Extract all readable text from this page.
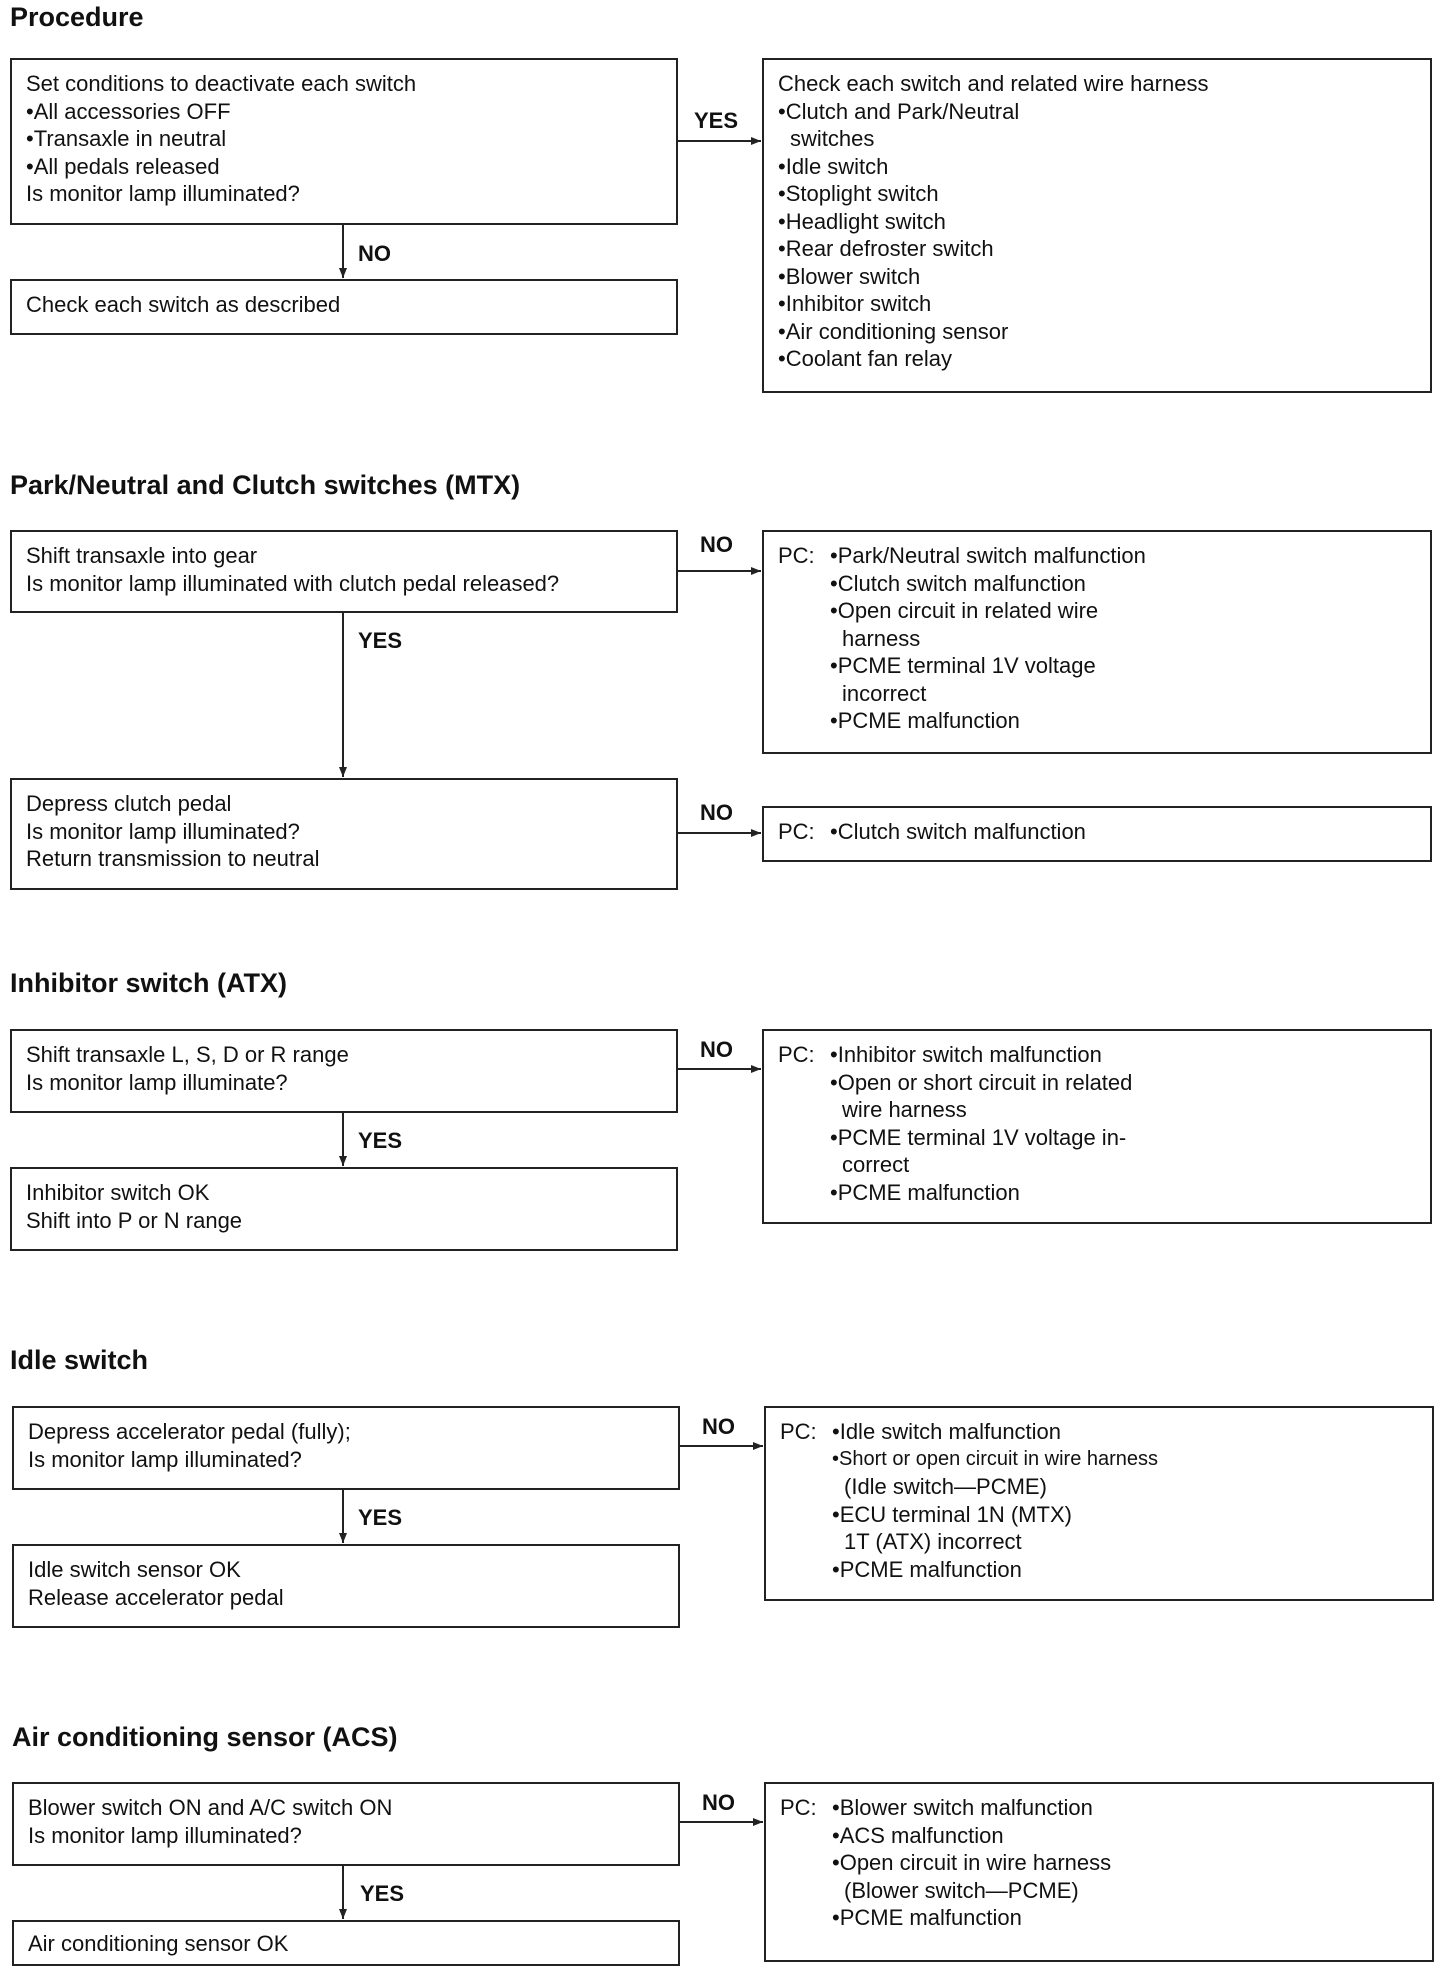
Procedure
Set conditions to deactivate each switch
• All accessories OFF
• Transaxle in neutral
• All pedals released
Is monitor lamp illuminated?
YES
NO
Check each switch as described
Check each switch and related wire harness
• Clutch and Park/Neutral
switches
• Idle switch
• Stoplight switch
• Headlight switch
• Rear defroster switch
• Blower switch
• Inhibitor switch
• Air conditioning sensor
• Coolant fan relay
Park/Neutral and Clutch switches (MTX)
Shift transaxle into gear
Is monitor lamp illuminated with clutch pedal released?
NO
YES
PC:	• Park/Neutral switch malfunction
• Clutch switch malfunction
• Open circuit in related wire
harness
• PCME terminal 1V voltage
incorrect
• PCME malfunction
Depress clutch pedal
Is monitor lamp illuminated?
Return transmission to neutral
NO
PC:	• Clutch switch malfunction
Inhibitor switch (ATX)
Shift transaxle L, S, D or R range
Is monitor lamp illuminate?
NO
YES
PC:	• Inhibitor switch malfunction
• Open or short circuit in related
wire harness
• PCME terminal 1V voltage in-
correct
• PCME malfunction
Inhibitor switch OK
Shift into P or N range
Idle switch
Depress accelerator pedal (fully);
Is monitor lamp illuminated?
NO
YES
PC:	• Idle switch malfunction
• Short or open circuit in wire harness
(Idle switch—PCME)
• ECU terminal 1N (MTX)
1T (ATX) incorrect
• PCME malfunction
Idle switch sensor OK
Release accelerator pedal
Air conditioning sensor (ACS)
Blower switch ON and A/C switch ON
Is monitor lamp illuminated?
NO
YES
PC:	• Blower switch malfunction
• ACS malfunction
• Open circuit in wire harness
(Blower switch—PCME)
• PCME malfunction
Air conditioning sensor OK
